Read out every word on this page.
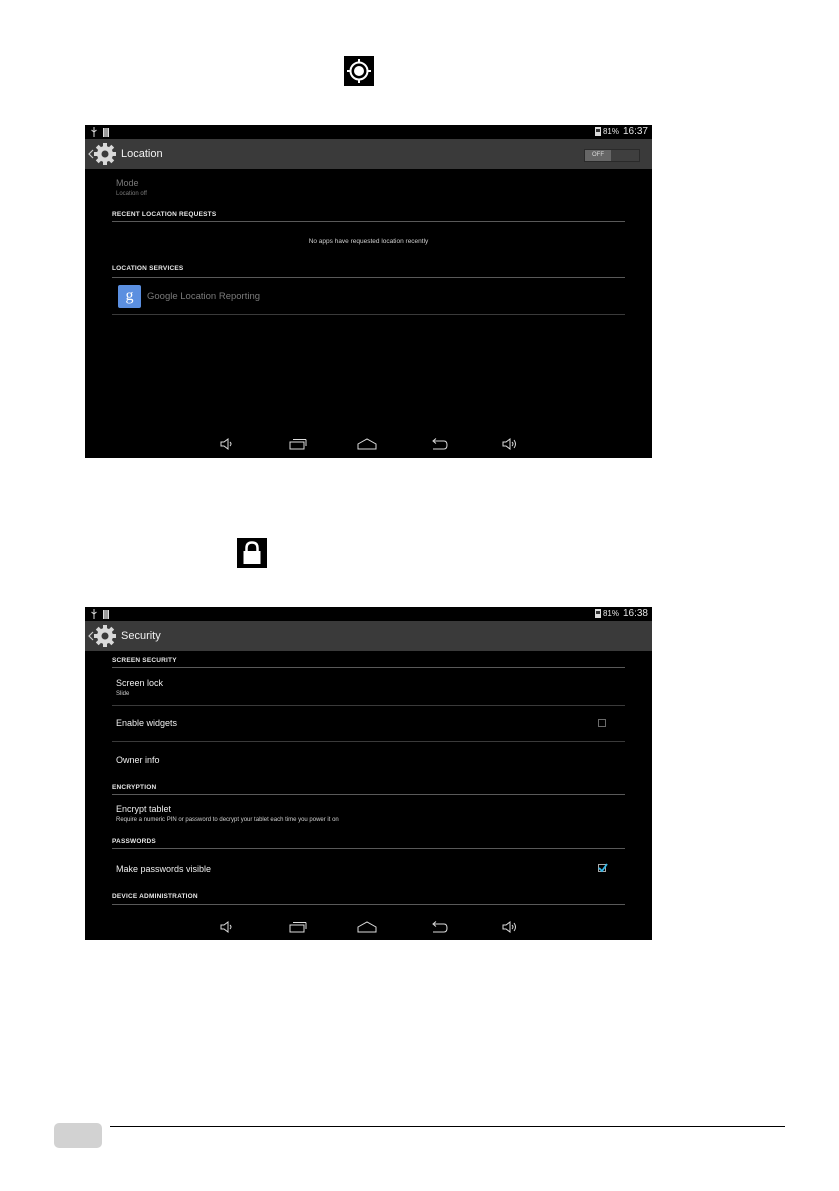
81% 16:37
Location	OFF
Mode
Location off
RECENT LOCATION REQUESTS
No apps have requested location recently
LOCATION SERVICES
g	Google Location Reporting
81% 16:38
Security
SCREEN SECURITY
Screen lock
Slide
Enable widgets
Owner info
ENCRYPTION
Encrypt tablet
Require a numeric PIN or password to decrypt your tablet each time you power it on
PASSWORDS
Make passwords visible
DEVICE ADMINISTRATION
